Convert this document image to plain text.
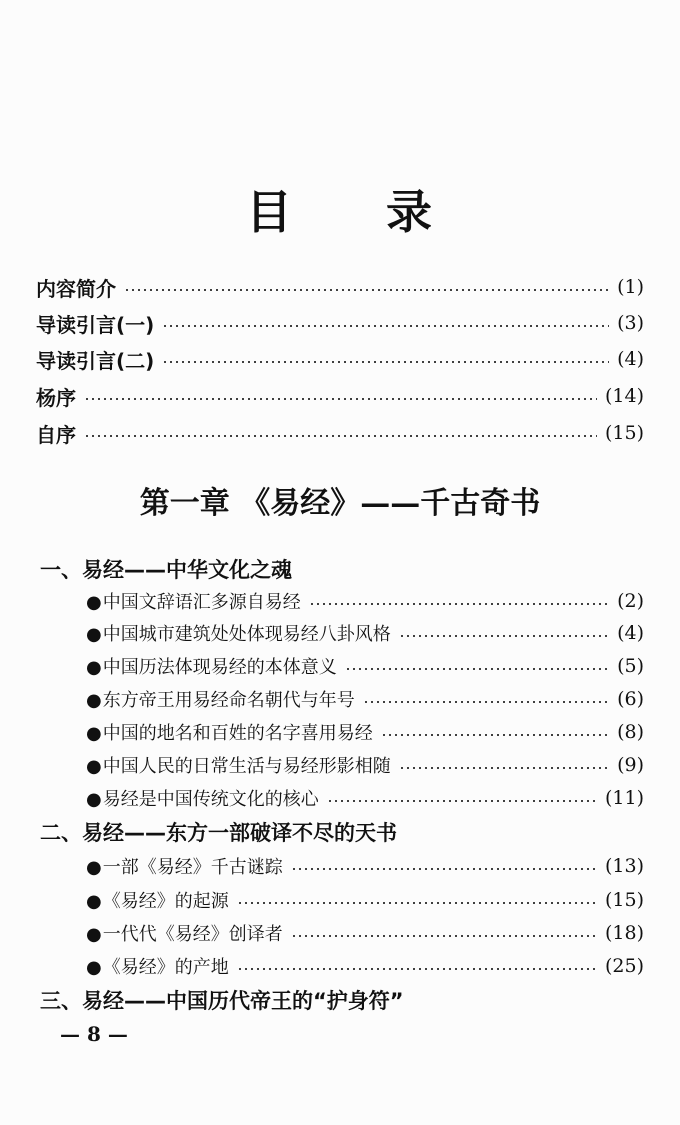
目 录
内容简介	(1)
导读引言(一)	(3)
导读引言(二)	(4)
杨序	(14)
自序	(15)
第一章 《易经》——千古奇书
一、易经——中华文化之魂
●中国文辞语汇多源自易经	(2)
●中国城市建筑处处体现易经八卦风格	(4)
●中国历法体现易经的本体意义	(5)
●东方帝王用易经命名朝代与年号	(6)
●中国的地名和百姓的名字喜用易经	(8)
●中国人民的日常生活与易经形影相随	(9)
●易经是中国传统文化的核心	(11)
二、易经——东方一部破译不尽的天书
●一部《易经》千古谜踪	(13)
●《易经》的起源	(15)
●一代代《易经》创译者	(18)
●《易经》的产地	(25)
三、易经——中国历代帝王的“护身符”
— 8 —
